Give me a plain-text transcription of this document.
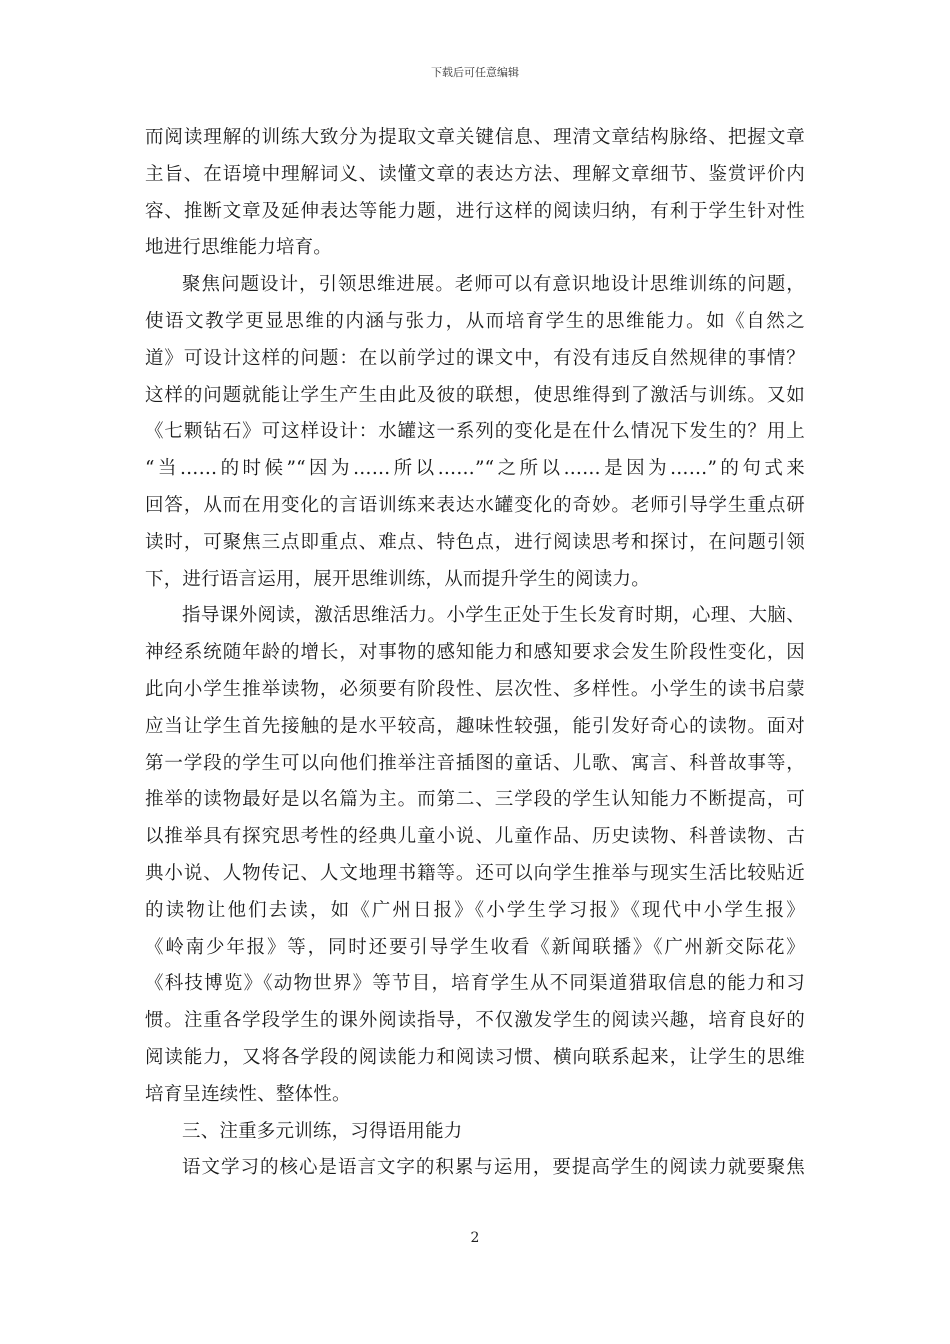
下载后可任意编辑
而阅读理解的训练大致分为提取文章关键信息、理清文章结构脉络、把握文章
主旨、在语境中理解词义、读懂文章的表达方法、理解文章细节、鉴赏评价内
容、推断文章及延伸表达等能力题，进行这样的阅读归纳，有利于学生针对性
地进行思维能力培育。
聚焦问题设计，引领思维进展。老师可以有意识地设计思维训练的问题，
使语文教学更显思维的内涵与张力，从而培育学生的思维能力。如《自然之
道》可设计这样的问题：在以前学过的课文中，有没有违反自然规律的事情？
这样的问题就能让学生产生由此及彼的联想，使思维得到了激活与训练。又如
《七颗钻石》可这样设计：水罐这一系列的变化是在什么情况下发生的？用上
“当……的时候”“因为……所以……”“之所以……是因为……”的句式来
回答，从而在用变化的言语训练来表达水罐变化的奇妙。老师引导学生重点研
读时，可聚焦三点即重点、难点、特色点，进行阅读思考和探讨，在问题引领
下，进行语言运用，展开思维训练，从而提升学生的阅读力。
指导课外阅读，激活思维活力。小学生正处于生长发育时期，心理、大脑、
神经系统随年龄的增长，对事物的感知能力和感知要求会发生阶段性变化，因
此向小学生推举读物，必须要有阶段性、层次性、多样性。小学生的读书启蒙
应当让学生首先接触的是水平较高，趣味性较强，能引发好奇心的读物。面对
第一学段的学生可以向他们推举注音插图的童话、儿歌、寓言、科普故事等，
推举的读物最好是以名篇为主。而第二、三学段的学生认知能力不断提高，可
以推举具有探究思考性的经典儿童小说、儿童作品、历史读物、科普读物、古
典小说、人物传记、人文地理书籍等。还可以向学生推举与现实生活比较贴近
的读物让他们去读，如《广州日报》《小学生学习报》《现代中小学生报》
《岭南少年报》等，同时还要引导学生收看《新闻联播》《广州新交际花》
《科技博览》《动物世界》等节目，培育学生从不同渠道猎取信息的能力和习
惯。注重各学段学生的课外阅读指导，不仅激发学生的阅读兴趣，培育良好的
阅读能力，又将各学段的阅读能力和阅读习惯、横向联系起来，让学生的思维
培育呈连续性、整体性。
三、注重多元训练，习得语用能力
语文学习的核心是语言文字的积累与运用，要提高学生的阅读力就要聚焦
2
